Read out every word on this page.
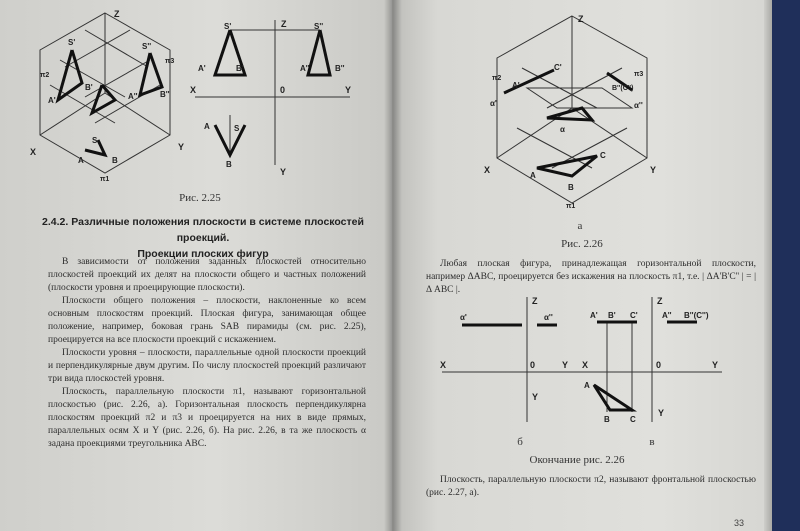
Z
π2
π3
S'	S''
A'
B'
A''	B''
S
A	B
X	Y
π1
Z
S'	S''
A'	B'	A''	B''
X	0	Y
A	S
B
Y
Рис. 2.25
2.4.2. Различные положения плоскости в системе плоскостей проекций.
Проекции плоских фигур

В зависимости от положения заданных плоскостей относительно плоскостей проекций их делят на плоскости общего и частных положений (плоскости уровня и проецирующие плоскости).

Плоскости общего положения – плоскости, наклоненные ко всем основным плоскостям проекций. Плоская фигура, занимающая общее положение, например, боковая грань SAB пирамиды (см. рис. 2.25), проецируется на все плоскости проекций с искажением.

Плоскости уровня – плоскости, параллельные одной плоскости проекций и перпендикулярные двум другим. По числу плоскостей проекций различают три вида плоскостей уровня.

Плоскость, параллельную плоскости π1, называют горизонтальной плоскостью (рис. 2.26, а). Горизонтальная плоскость перпендикулярна плоскостям проекций π2 и π3 и проецируется на них в виде прямых, параллельных осям X и Y (рис. 2.26, б). На рис. 2.26, в та же плоскость α задана проекциями треугольника ABC.

Z
π2
π3
α'
A'
C'
B''(C'')
α''
α
A
B
C
X	Y
π1
а
Рис. 2.26
Любая плоская фигура, принадлежащая горизонтальной плоскости, например ΔABC, проецируется без искажения на плоскость π1, т.е. | ΔA'B'C'' | = | Δ ABC |.
Z
α'	α''
X	0	Y
Y
Z
A' B' C'	A'' B''(C'')
X	0	Y
A
B	C
Y
б	в
Окончание рис. 2.26
Плоскость, параллельную плоскости π2, называют фронтальной плоскостью (рис. 2.27, а).
33
